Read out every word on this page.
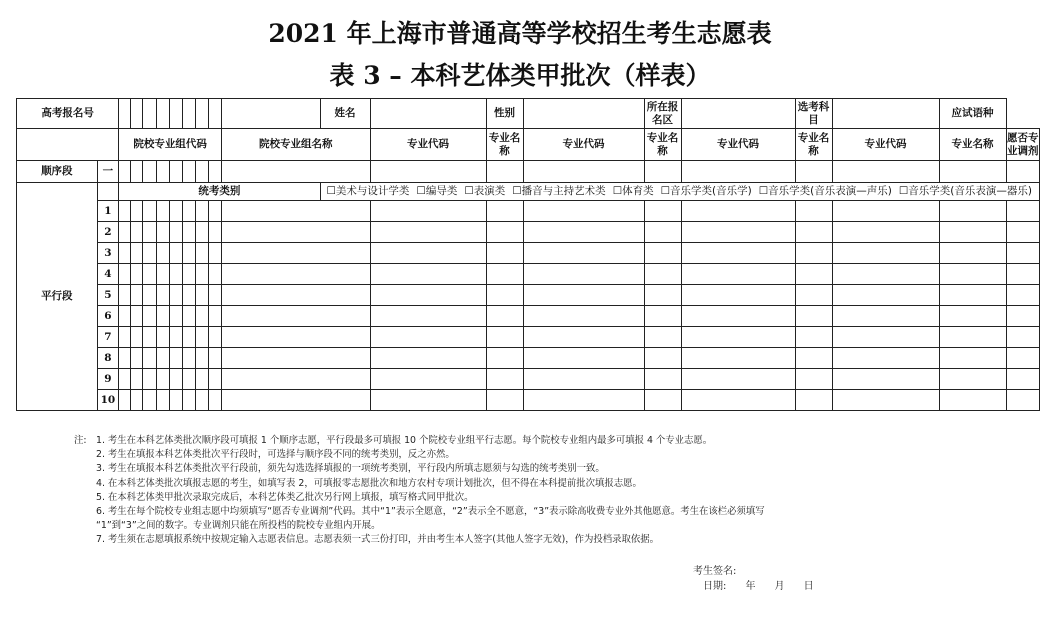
2021 年上海市普通高等学校招生考生志愿表
表 3 – 本科艺体类甲批次（样表）
高考报名号											姓名		性别		所在报名区		选考科目		应试语种	
		院校专业组代码								院校专业组名称		专业代码	专业名称	专业代码	专业名称	专业代码	专业名称	专业代码	专业名称	愿否专业调剂
顺序段	一																			
平行段		统考类别									☐美术与设计学类 ☐编导类 ☐表演类 ☐播音与主持艺术类 ☐体育类 ☐音乐学类(音乐学) ☐音乐学类(音乐表演—声乐) ☐音乐学类(音乐表演—器乐)									
	1																			
	2																			
	3																			
	4																			
	5																			
	6																			
	7																			
	8																			
	9																			
	10																			
注:	1. 考生在本科艺体类批次顺序段可填报 1 个顺序志愿，平行段最多可填报 10 个院校专业组平行志愿。每个院校专业组内最多可填报 4 个专业志愿。
2. 考生在填报本科艺体类批次平行段时，可选择与顺序段不同的统考类别，反之亦然。
3. 考生在填报本科艺体类批次平行段前，须先勾选选择填报的一项统考类别，平行段内所填志愿须与勾选的统考类别一致。
4. 在本科艺体类批次填报志愿的考生，如填写表 2，可填报零志愿批次和地方农村专项计划批次，但不得在本科提前批次填报志愿。
5. 在本科艺体类甲批次录取完成后，本科艺体类乙批次另行网上填报，填写格式同甲批次。
6. 考生在每个院校专业组志愿中均须填写“愿否专业调剂”代码。其中“1”表示全愿意，“2”表示全不愿意，“3”表示除高收费专业外其他愿意。考生在该栏必须填写
“1”到“3”之间的数字。专业调剂只能在所投档的院校专业组内开展。
7. 考生须在志愿填报系统中按规定输入志愿表信息。志愿表须一式三份打印，并由考生本人签字(其他人签字无效)，作为投档录取依据。
考生签名:
日期:      年      月      日
